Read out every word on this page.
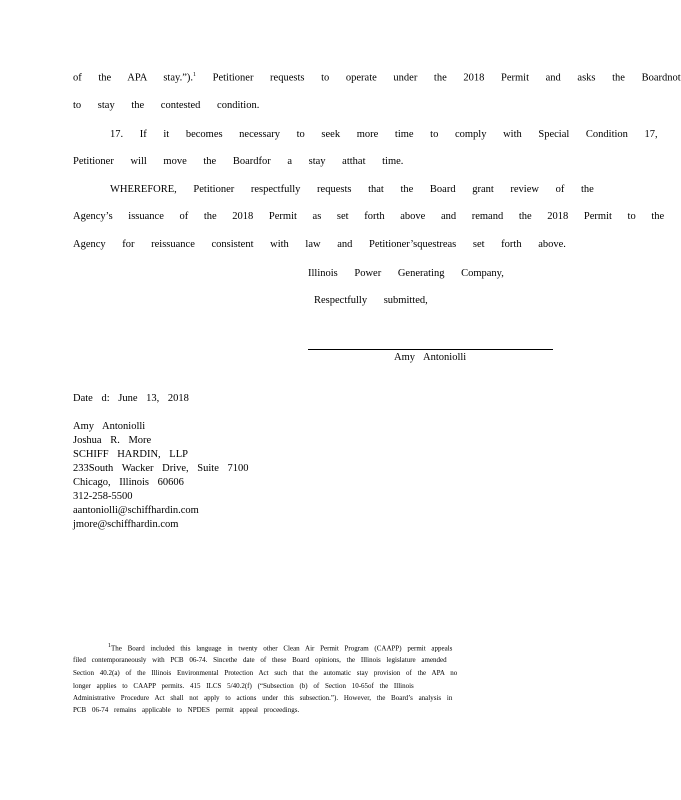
of the APA stay.”).$^1$ Petitioner requests to operate under the 2018 Permit and asks the Boardnot
to stay the contested condition.
17. If it becomes necessary to seek more time to comply with Special Condition 17,
Petitioner will move the Boardfor a stay atthat time.
WHEREFORE, Petitioner respectfully requests that the Board grant review of the
Agency’s issuance of the 2018 Permit as set forth above and remand the 2018 Permit to the
Agency for reissuance consistent with law and Petitioner’squestreas set forth above.
Illinois Power Generating Company,
Respectfully submitted,
Amy Antoniolli
Date d: June 13, 2018
Amy Antoniolli
Joshua R. More
SCHIFF HARDIN, LLP
233South Wacker Drive, Suite 7100
Chicago, Illinois 60606
312-258-5500
aantoniolli@schiffhardin.com
jmore@schiffhardin.com
$^1$The Board included this language in twenty other Clean Air Permit Program (CAAPP) permit appeals
filed contemporaneously with PCB 06-74. Sincethe date of these Board opinions, the Illinois legislature amended
Section 40.2(a) of the Illinois Environmental Protection Act such that the automatic stay provision of the APA no
longer applies to CAAPP permits. 415 ILCS 5/40.2(f) (“Subsection (b) of Section 10-65of the Illinois
Administrative Procedure Act shall not apply to actions under this subsection.”). However, the Board’s analysis in
PCB 06-74 remains applicable to NPDES permit appeal proceedings.
